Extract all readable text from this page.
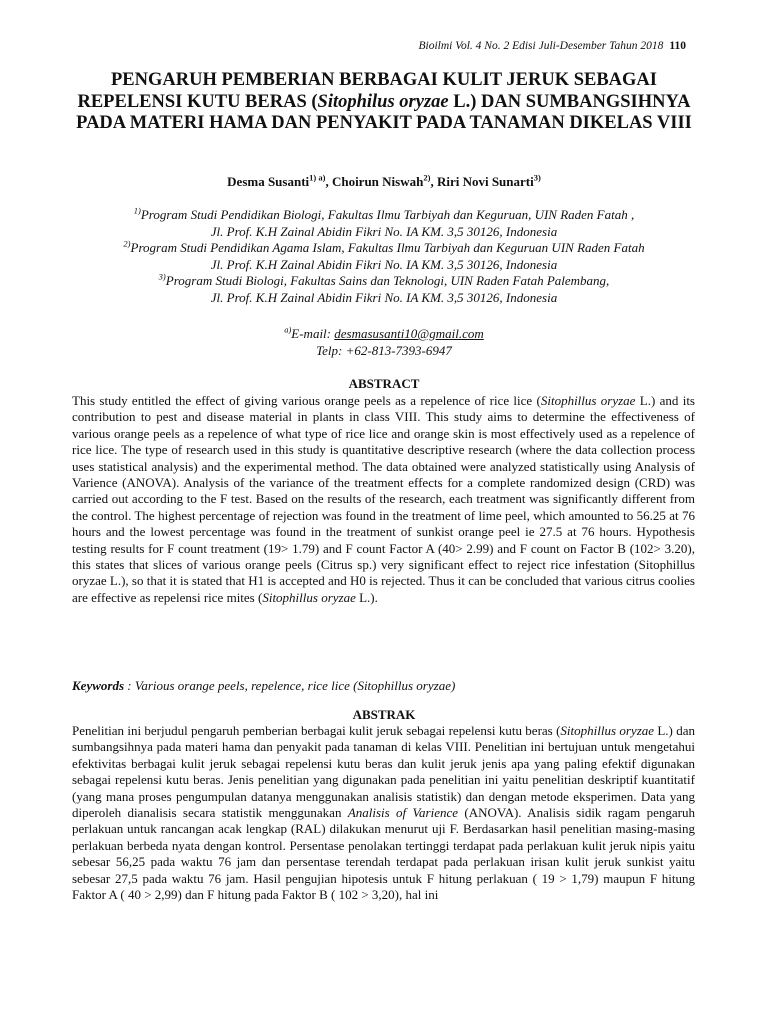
Bioilmi Vol. 4 No. 2 Edisi Juli-Desember Tahun 2018 110
PENGARUH PEMBERIAN BERBAGAI KULIT JERUK SEBAGAI REPELENSI KUTU BERAS (Sitophilus oryzae L.) DAN SUMBANGSIHNYA PADA MATERI HAMA DAN PENYAKIT PADA TANAMAN DIKELAS VIII
Desma Susanti$^{1) a)}$, Choirun Niswah$^{2)}$, Riri Novi Sunarti$^{3)}$
$^{1)}$Program Studi Pendidikan Biologi, Fakultas Ilmu Tarbiyah dan Keguruan, UIN Raden Fatah ,
Jl. Prof. K.H Zainal Abidin Fikri No. IA KM. 3,5 30126, Indonesia
$^{2)}$Program Studi Pendidikan Agama Islam, Fakultas Ilmu Tarbiyah dan Keguruan UIN Raden Fatah
Jl. Prof. K.H Zainal Abidin Fikri No. IA KM. 3,5 30126, Indonesia
$^{3)}$Program Studi Biologi, Fakultas Sains dan Teknologi, UIN Raden Fatah Palembang,
Jl. Prof. K.H Zainal Abidin Fikri No. IA KM. 3,5 30126, Indonesia
$^{a)}$E-mail: desmasusanti10@gmail.com
Telp: +62-813-7393-6947
ABSTRACT
This study entitled the effect of giving various orange peels as a repelence of rice lice (Sitophillus oryzae L.) and its contribution to pest and disease material in plants in class VIII. This study aims to determine the effectiveness of various orange peels as a repelence of what type of rice lice and orange skin is most effectively used as a repelence of rice lice. The type of research used in this study is quantitative descriptive research (where the data collection process uses statistical analysis) and the experimental method. The data obtained were analyzed statistically using Analysis of Varience (ANOVA). Analysis of the variance of the treatment effects for a complete randomized design (CRD) was carried out according to the F test. Based on the results of the research, each treatment was significantly different from the control. The highest percentage of rejection was found in the treatment of lime peel, which amounted to 56.25 at 76 hours and the lowest percentage was found in the treatment of sunkist orange peel ie 27.5 at 76 hours. Hypothesis testing results for F count treatment (19> 1.79) and F count Factor A (40> 2.99) and F count on Factor B (102> 3.20), this states that slices of various orange peels (Citrus sp.) very significant effect to reject rice infestation (Sitophillus oryzae L.), so that it is stated that H1 is accepted and H0 is rejected. Thus it can be concluded that various citrus coolies are effective as repelensi rice mites (Sitophillus oryzae L.).
Keywords : Various orange peels, repelence, rice lice (Sitophillus oryzae)
ABSTRAK
Penelitian ini berjudul pengaruh pemberian berbagai kulit jeruk sebagai repelensi kutu beras (Sitophillus oryzae L.) dan sumbangsihnya pada materi hama dan penyakit pada tanaman di kelas VIII. Penelitian ini bertujuan untuk mengetahui efektivitas berbagai kulit jeruk sebagai repelensi kutu beras dan kulit jeruk jenis apa yang paling efektif digunakan sebagai repelensi kutu beras. Jenis penelitian yang digunakan pada penelitian ini yaitu penelitian deskriptif kuantitatif (yang mana proses pengumpulan datanya menggunakan analisis statistik) dan dengan metode eksperimen. Data yang diperoleh dianalisis secara statistik menggunakan Analisis of Varience (ANOVA). Analisis sidik ragam pengaruh perlakuan untuk rancangan acak lengkap (RAL) dilakukan menurut uji F. Berdasarkan hasil penelitian masing-masing perlakuan berbeda nyata dengan kontrol. Persentase penolakan tertinggi terdapat pada perlakuan kulit jeruk nipis yaitu sebesar 56,25 pada waktu 76 jam dan persentase terendah terdapat pada perlakuan irisan kulit jeruk sunkist yaitu sebesar 27,5 pada waktu 76 jam. Hasil pengujian hipotesis untuk F hitung perlakuan ( 19 > 1,79) maupun F hitung Faktor A ( 40 > 2,99) dan F hitung pada Faktor B ( 102 > 3,20), hal ini
